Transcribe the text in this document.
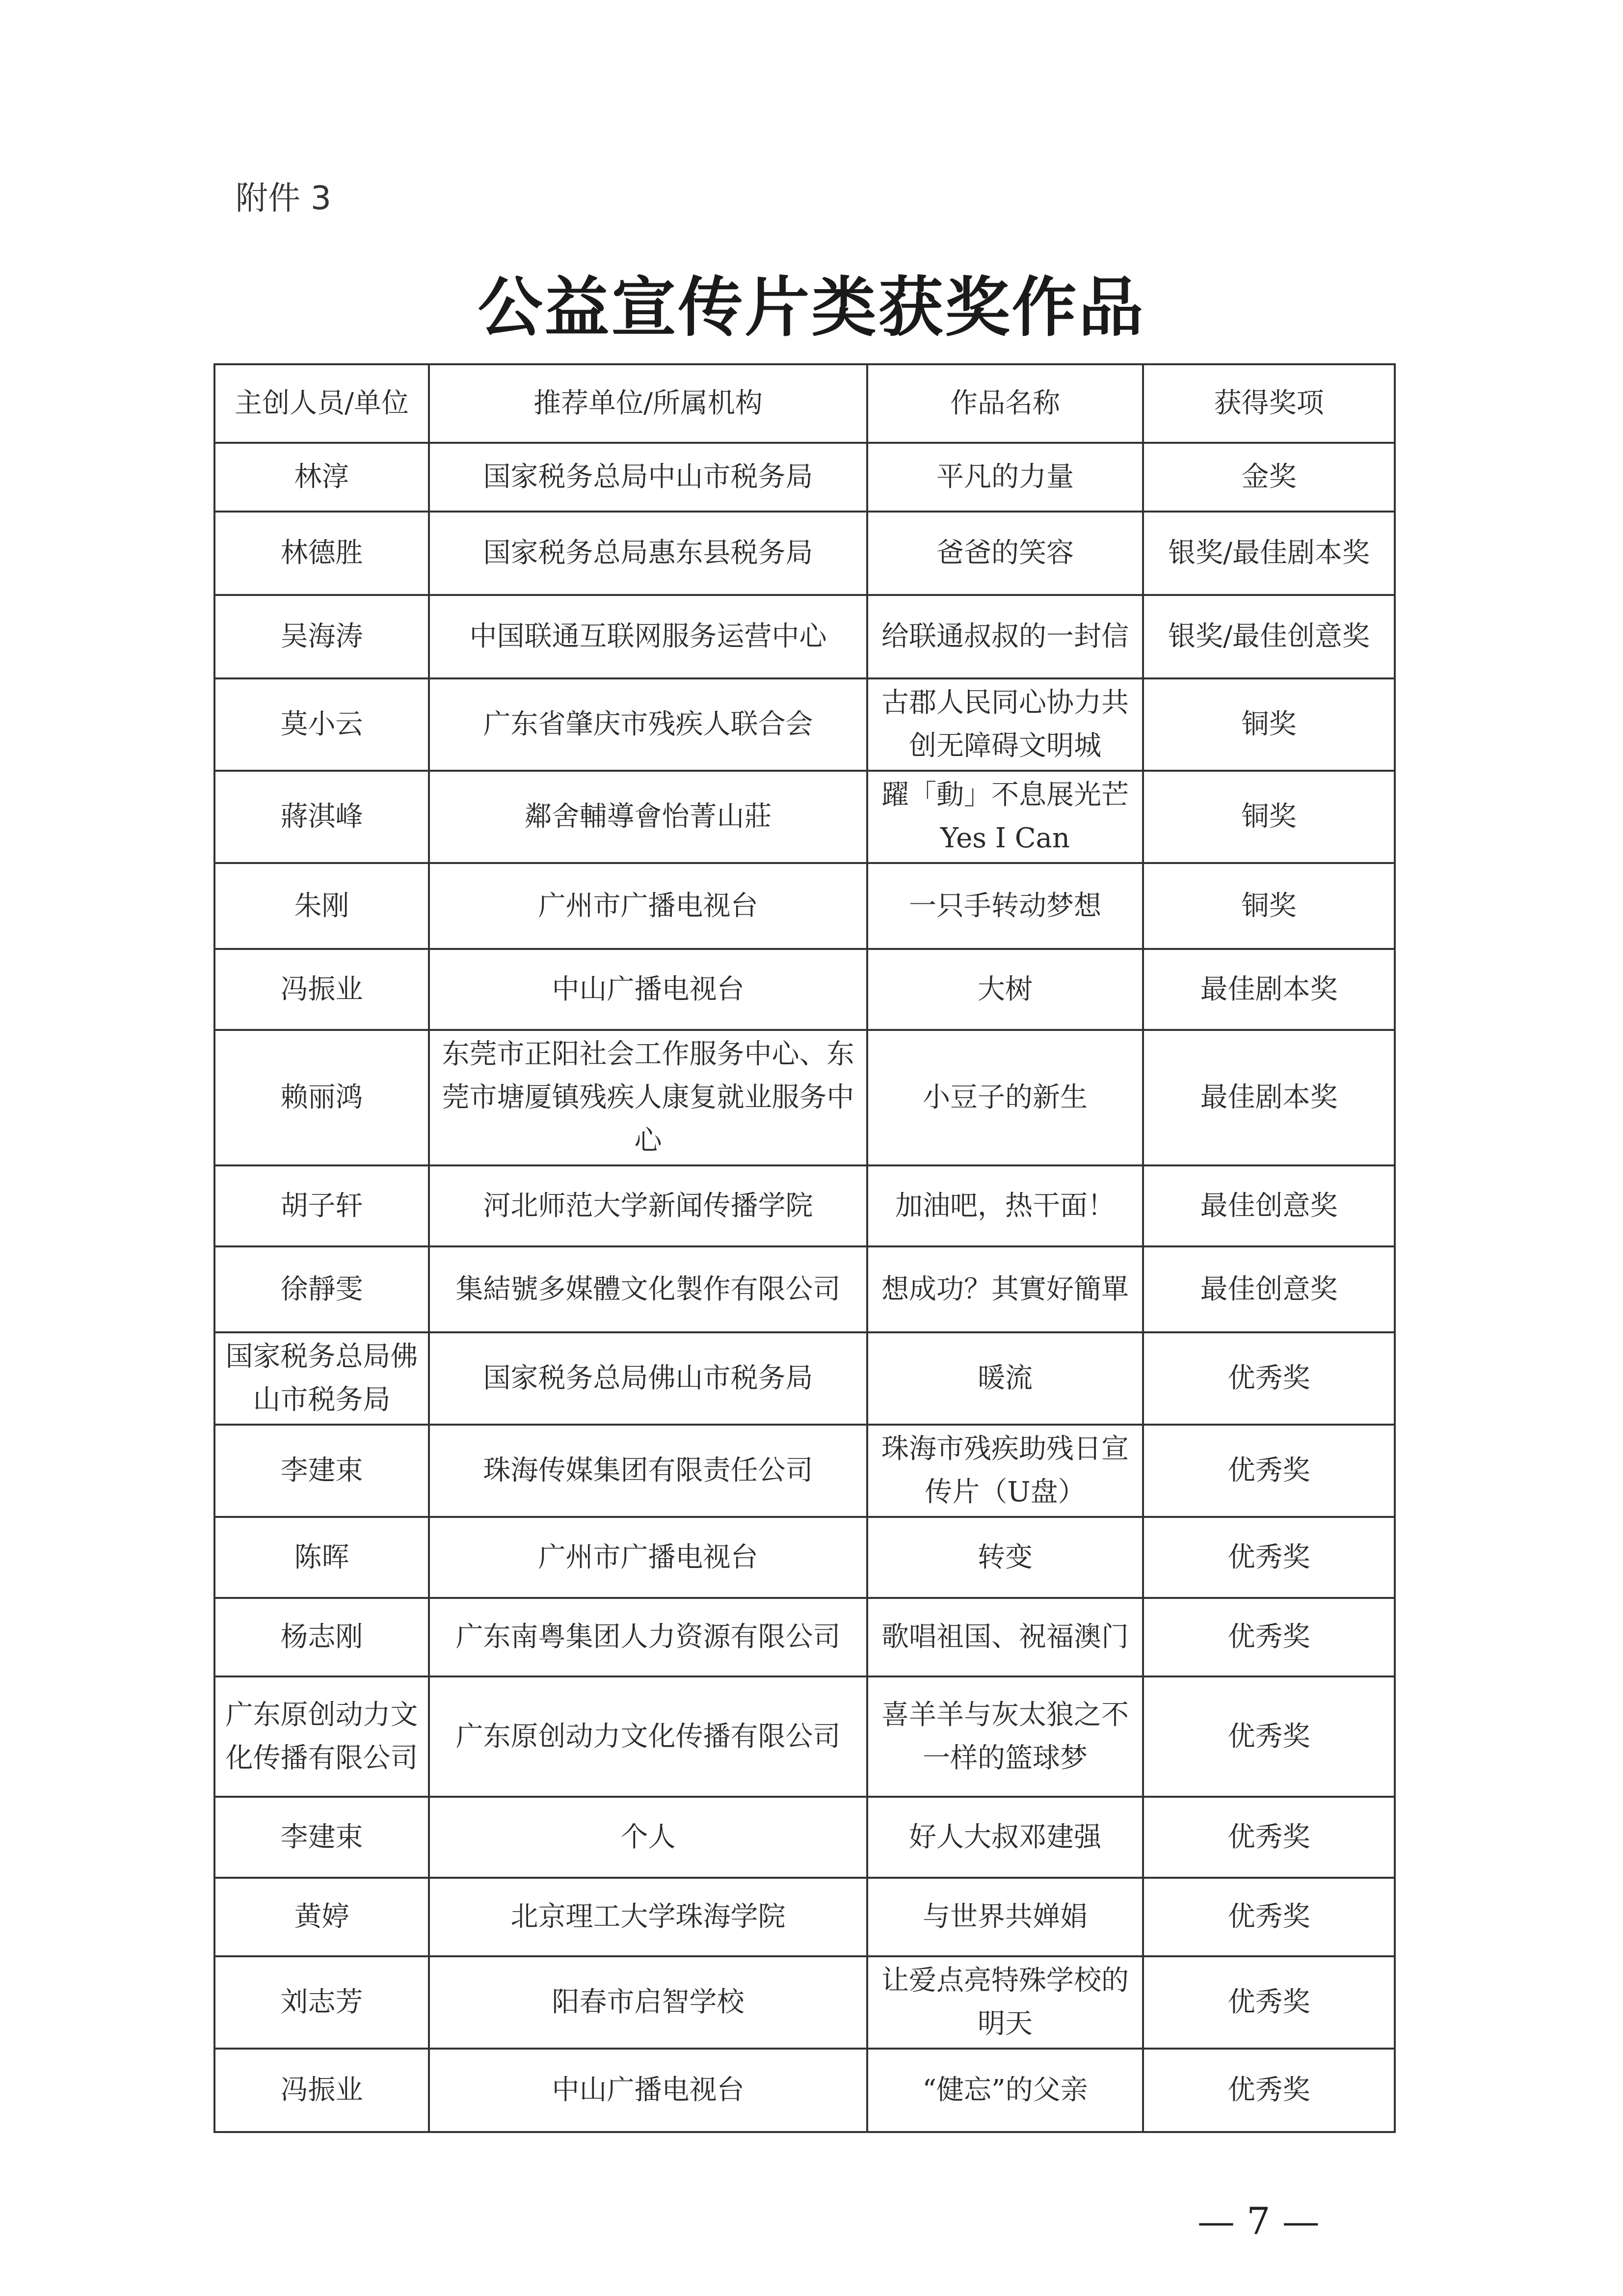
附件 3
公益宣传片类获奖作品
主创人员/单位	推荐单位/所属机构	作品名称	获得奖项
林淳	国家税务总局中山市税务局	平凡的力量	金奖
林德胜	国家税务总局惠东县税务局	爸爸的笑容	银奖/最佳剧本奖
吴海涛	中国联通互联网服务运营中心	给联通叔叔的一封信	银奖/最佳创意奖
莫小云	广东省肇庆市残疾人联合会	古郡人民同心协力共创无障碍文明城	铜奖
蔣淇峰	鄰舍輔導會怡菁山莊	躍「動」不息展光芒 Yes I Can	铜奖
朱刚	广州市广播电视台	一只手转动梦想	铜奖
冯振业	中山广播电视台	大树	最佳剧本奖
赖丽鸿	东莞市正阳社会工作服务中心、东莞市塘厦镇残疾人康复就业服务中心	小豆子的新生	最佳剧本奖
胡子轩	河北师范大学新闻传播学院	加油吧，热干面！	最佳创意奖
徐靜雯	集結號多媒體文化製作有限公司	想成功？其實好簡單	最佳创意奖
国家税务总局佛山市税务局	国家税务总局佛山市税务局	暖流	优秀奖
李建束	珠海传媒集团有限责任公司	珠海市残疾助残日宣传片（U盘）	优秀奖
陈晖	广州市广播电视台	转变	优秀奖
杨志刚	广东南粤集团人力资源有限公司	歌唱祖国、祝福澳门	优秀奖
广东原创动力文化传播有限公司	广东原创动力文化传播有限公司	喜羊羊与灰太狼之不一样的篮球梦	优秀奖
李建束	个人	好人大叔邓建强	优秀奖
黄婷	北京理工大学珠海学院	与世界共婵娟	优秀奖
刘志芳	阳春市启智学校	让爱点亮特殊学校的明天	优秀奖
冯振业	中山广播电视台	“健忘”的父亲	优秀奖
— 7 —
